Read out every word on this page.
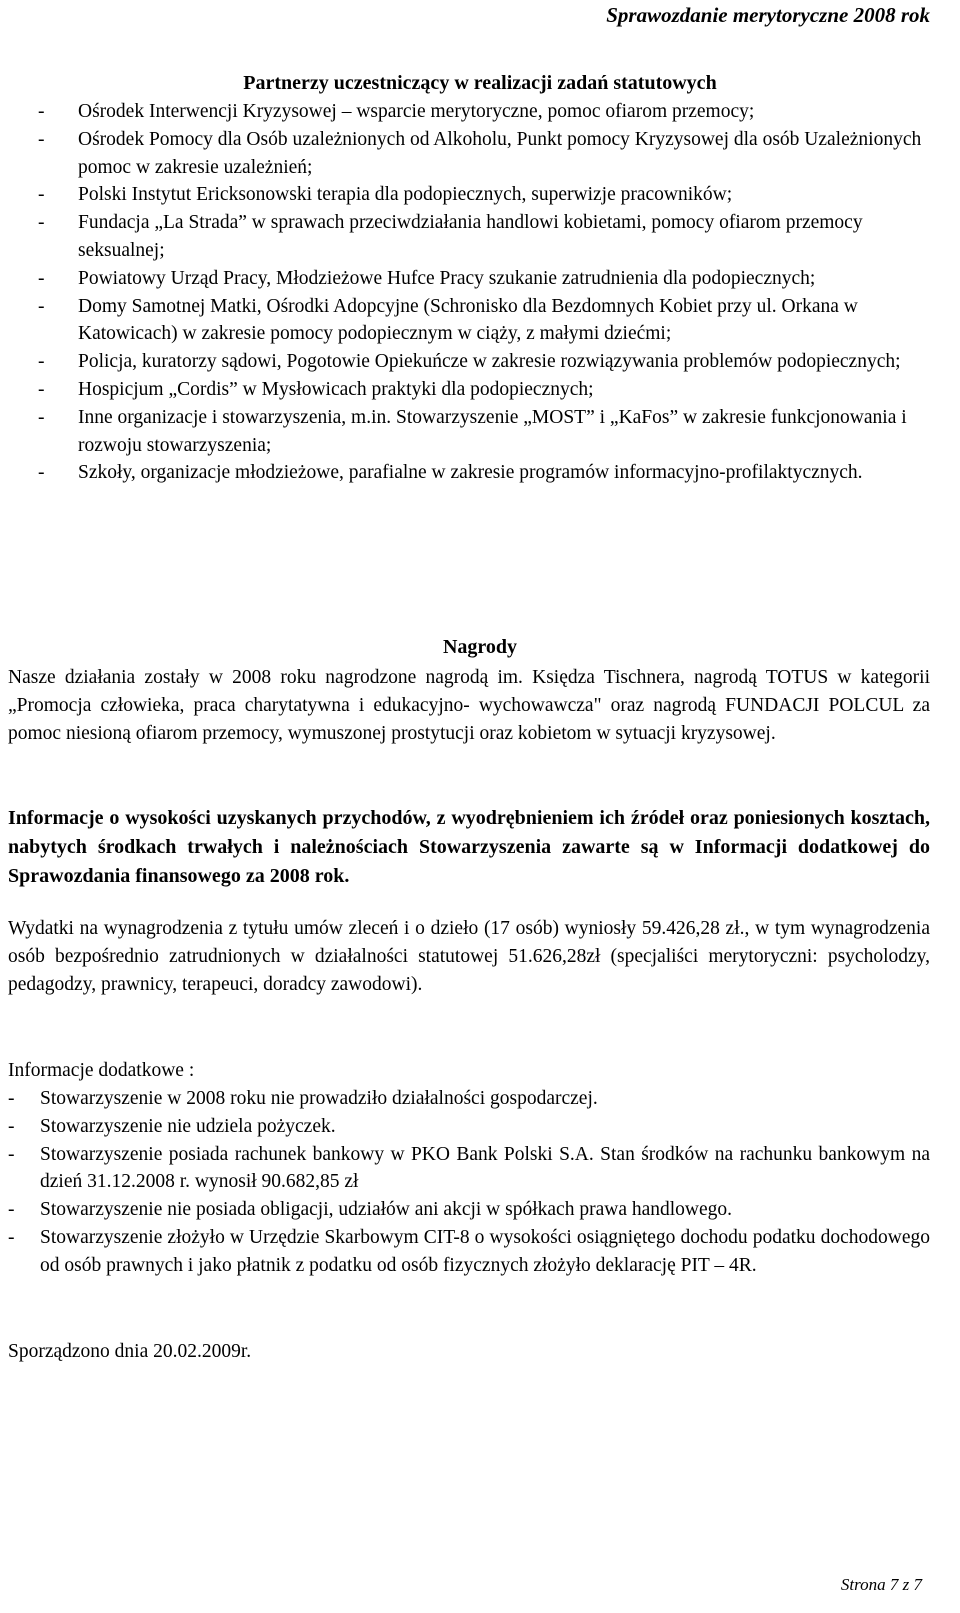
Sprawozdanie merytoryczne 2008 rok
Partnerzy uczestniczący w realizacji zadań statutowych
- Ośrodek Interwencji Kryzysowej – wsparcie merytoryczne, pomoc ofiarom przemocy;
- Ośrodek Pomocy dla Osób uzależnionych od Alkoholu, Punkt pomocy Kryzysowej dla osób Uzależnionych pomoc w zakresie uzależnień;
- Polski Instytut Ericksonowski terapia dla podopiecznych, superwizje pracowników;
- Fundacja „La Strada” w sprawach przeciwdziałania handlowi kobietami, pomocy ofiarom przemocy seksualnej;
- Powiatowy Urząd Pracy, Młodzieżowe Hufce Pracy szukanie zatrudnienia dla podopiecznych;
- Domy Samotnej Matki, Ośrodki Adopcyjne (Schronisko dla Bezdomnych Kobiet przy ul. Orkana w Katowicach) w zakresie pomocy podopiecznym w ciąży, z małymi dziećmi;
- Policja, kuratorzy sądowi, Pogotowie Opiekuńcze w zakresie rozwiązywania problemów podopiecznych;
- Hospicjum „Cordis” w Mysłowicach praktyki dla podopiecznych;
- Inne organizacje i stowarzyszenia, m.in. Stowarzyszenie „MOST” i „KaFos” w zakresie funkcjonowania i rozwoju stowarzyszenia;
- Szkoły, organizacje młodzieżowe, parafialne w zakresie programów informacyjno-profilaktycznych.
Nagrody
Nasze działania zostały w 2008 roku nagrodzone nagrodą im. Księdza Tischnera, nagrodą TOTUS w kategorii „Promocja człowieka, praca charytatywna i edukacyjno- wychowawcza" oraz nagrodą FUNDACJI POLCUL za pomoc niesioną ofiarom przemocy, wymuszonej prostytucji oraz kobietom w sytuacji kryzysowej.
Informacje o wysokości uzyskanych przychodów, z wyodrębnieniem ich źródeł oraz poniesionych kosztach, nabytych środkach trwałych i należnościach Stowarzyszenia zawarte są w Informacji dodatkowej do Sprawozdania finansowego za 2008 rok.
Wydatki na wynagrodzenia z tytułu umów zleceń i o dzieło (17 osób) wyniosły 59.426,28 zł., w tym wynagrodzenia osób bezpośrednio zatrudnionych w działalności statutowej 51.626,28zł (specjaliści merytoryczni: psycholodzy, pedagodzy, prawnicy, terapeuci, doradcy zawodowi).
Informacje dodatkowe :
- Stowarzyszenie w 2008 roku nie prowadziło działalności gospodarczej.
- Stowarzyszenie nie udziela pożyczek.
- Stowarzyszenie posiada rachunek bankowy w PKO Bank Polski S.A. Stan środków na rachunku bankowym na dzień 31.12.2008 r. wynosił 90.682,85 zł
- Stowarzyszenie nie posiada obligacji, udziałów ani akcji w spółkach prawa handlowego.
- Stowarzyszenie złożyło w Urzędzie Skarbowym CIT-8 o wysokości osiągniętego dochodu podatku dochodowego od osób prawnych i jako płatnik z podatku od osób fizycznych złożyło deklarację PIT – 4R.
Sporządzono dnia 20.02.2009r.
Strona 7 z 7
